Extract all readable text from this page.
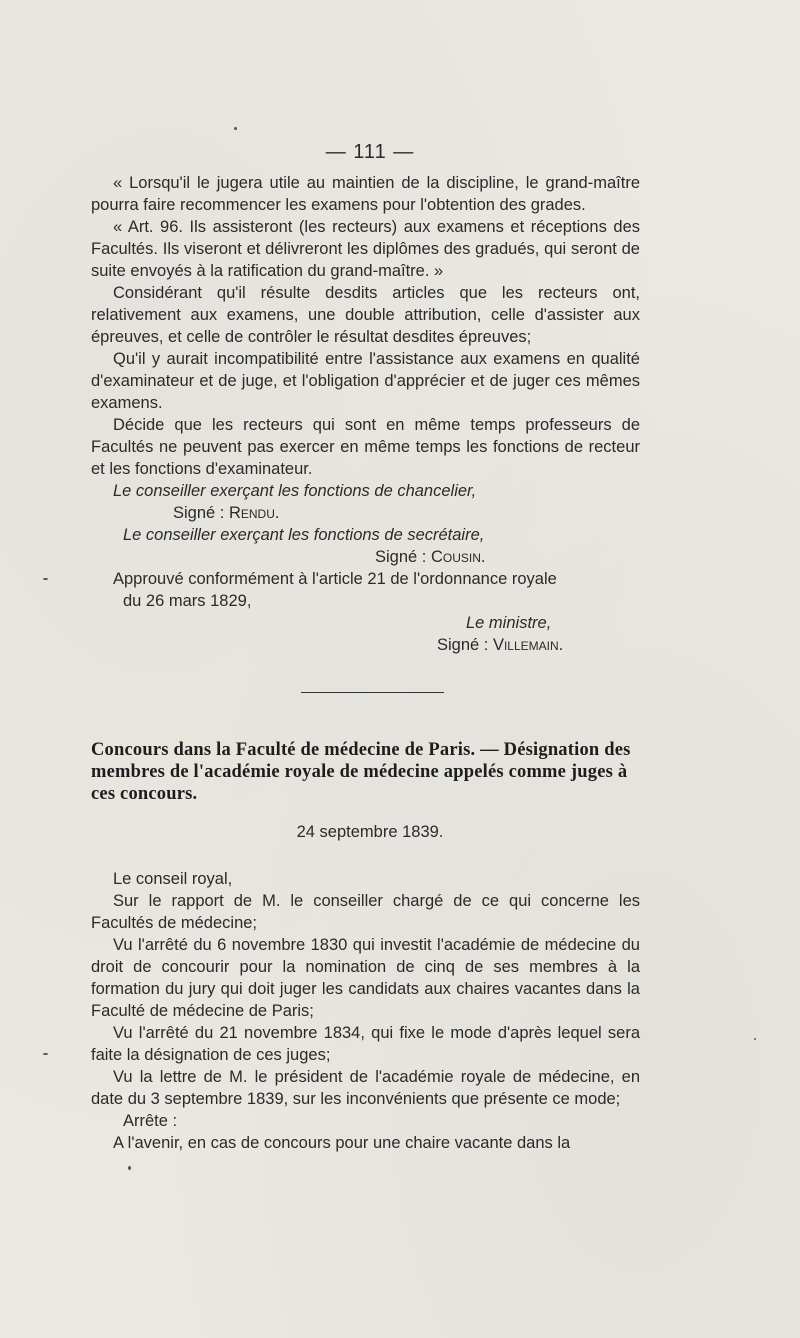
— 111 —

« Lorsqu'il le jugera utile au maintien de la discipline, le grand-maître pourra faire recommencer les examens pour l'obtention des grades.

« Art. 96. Ils assisteront (les recteurs) aux examens et réceptions des Facultés. Ils viseront et délivreront les diplômes des gradués, qui seront de suite envoyés à la ratification du grand-maître. »

Considérant qu'il résulte desdits articles que les recteurs ont, relativement aux examens, une double attribution, celle d'assister aux épreuves, et celle de contrôler le résultat desdites épreuves;

Qu'il y aurait incompatibilité entre l'assistance aux examens en qualité d'examinateur et de juge, et l'obligation d'apprécier et de juger ces mêmes examens.

Décide que les recteurs qui sont en même temps professeurs de Facultés ne peuvent pas exercer en même temps les fonctions de recteur et les fonctions d'examinateur.

Le conseiller exerçant les fonctions de chancelier,

Signé : Rendu.

Le conseiller exerçant les fonctions de secrétaire,

Signé : Cousin.

Approuvé conformément à l'article 21 de l'ordonnance royale

du 26 mars 1829,

Le ministre,

Signé : Villemain.

Concours dans la Faculté de médecine de Paris. — Désignation des membres de l'académie royale de médecine appelés comme juges à ces concours.
24 septembre 1839.

Le conseil royal,

Sur le rapport de M. le conseiller chargé de ce qui concerne les Facultés de médecine;

Vu l'arrêté du 6 novembre 1830 qui investit l'académie de médecine du droit de concourir pour la nomination de cinq de ses membres à la formation du jury qui doit juger les candidats aux chaires vacantes dans la Faculté de médecine de Paris;

Vu l'arrêté du 21 novembre 1834, qui fixe le mode d'après lequel sera faite la désignation de ces juges;

Vu la lettre de M. le président de l'académie royale de médecine, en date du 3 septembre 1839, sur les inconvénients que présente ce mode;

Arrête :

A l'avenir, en cas de concours pour une chaire vacante dans la
